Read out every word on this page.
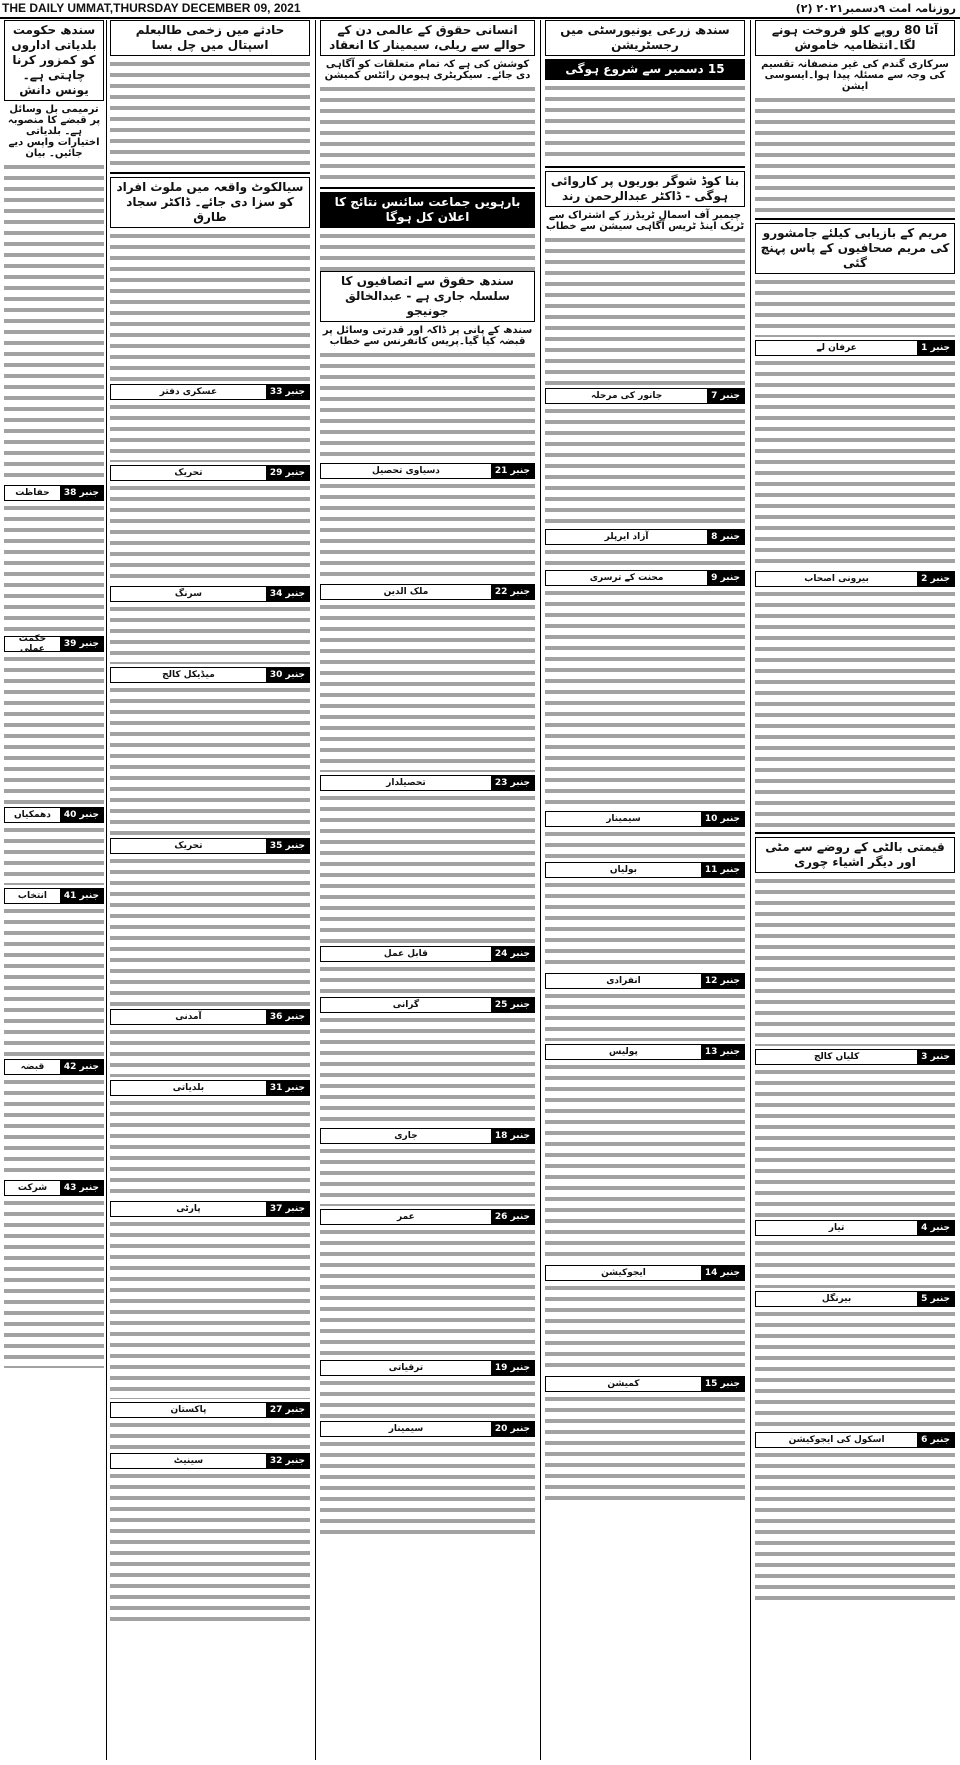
THE DAILY UMMAT,THURSDAY DECEMBER 09, 2021	روزنامہ امت ۹دسمبر۲۰۲۱ (۲)
آٹا 80 روپے کلو فروخت ہونے لگا۔انتظامیہ خاموش
سرکاری گندم کی غیر منصفانہ تقسیم کی وجہ سے مسئلہ پیدا ہوا۔ایسوسی ایشن
مریم کے بازیابی کیلئے جامشورو کی مریم صحافیوں کے پاس پہنچ گئی
جنبر 1
عرفان لے
جنبر 2
بیرونی اصحاب
قیمتی بالٹی کے روضے سے مٹی اور دیگر اشیاء چوری
جنبر 3
کلیاں کالج
جنبر 4
تیار
جنبر 5
بیرنگل
جنبر 6
اسکول کی ایجوکیشن
سندھ زرعی یونیورسٹی میں رجسٹریشن
15 دسمبر سے شروع ہوگی
بنا کوڈ شوگر بوریوں پر کاروائی ہوگی - ڈاکٹر عبدالرحمن رند
چیمبر آف اسمال ٹریڈرز کے اشتراک سے ٹریک اینڈ ٹریس آگاہی سیشن سے خطاب
جنبر 7
جانور کی مرحلہ
جنبر 8
آزاد ایرپلر
جنبر 9
محنت کے ترسری
جنبر 10
سیمینار
جنبر 11
بولیاں
جنبر 12
انفرادی
جنبر 13
پولیس
جنبر 14
ایجوکیشن
جنبر 15
کمیشن
انسانی حقوق کے عالمی دن کے حوالے سے ریلی، سیمینار کا انعقاد
کوشش کی ہے کہ تمام متعلقات کو آگاہی دی جائے۔ سیکریٹری ہیومن رائٹس کمیشن
بارہویں جماعت سائنس نتائج کا اعلان کل ہوگا
سندھ حقوق سے اتصافیوں کا سلسلہ جاری ہے - عبدالخالق جونیجو
سندھ کے پانی پر ڈاکہ اور قدرتی وسائل پر قبضہ کیا گیا۔پریس کانفرنس سے خطاب
جنبر 21
دسیاوی تحصیل
جنبر 22
ملک الدین
جنبر 23
تحصیلدار
جنبر 24
قابل عمل
جنبر 25
گرانی
جنبر 18
جاری
جنبر 26
عمر
جنبر 19
ترقیاتی
جنبر 20
سیمینار
حادثے میں زخمی طالبعلم اسپتال میں چل بسا
سیالکوٹ واقعہ میں ملوث افراد کو سزا دی جائے۔ ڈاکٹر سجاد طارق
جنبر 33
عسکری دفتر
جنبر 29
تحریک
جنبر 34
سرنگ
جنبر 30
میڈیکل کالج
جنبر 35
تحریک
جنبر 36
آمدنی
جنبر 31
بلدیاتی
جنبر 37
پارٹی
جنبر 27
پاکستان
جنبر 32
سینیٹ
سندھ حکومت بلدیاتی اداروں کو کمزور کرنا چاہتی ہے۔یونس دانش
ترمیمی بل وسائل پر قبضے کا منصوبہ ہے۔ بلدیاتی اختیارات واپس دیے جائیں۔ بیان
جنبر 38
حفاظت
جنبر 39
حکمت عملی
جنبر 40
دھمکیاں
جنبر 41
انتخاب
جنبر 42
قبضہ
جنبر 43
شرکت
